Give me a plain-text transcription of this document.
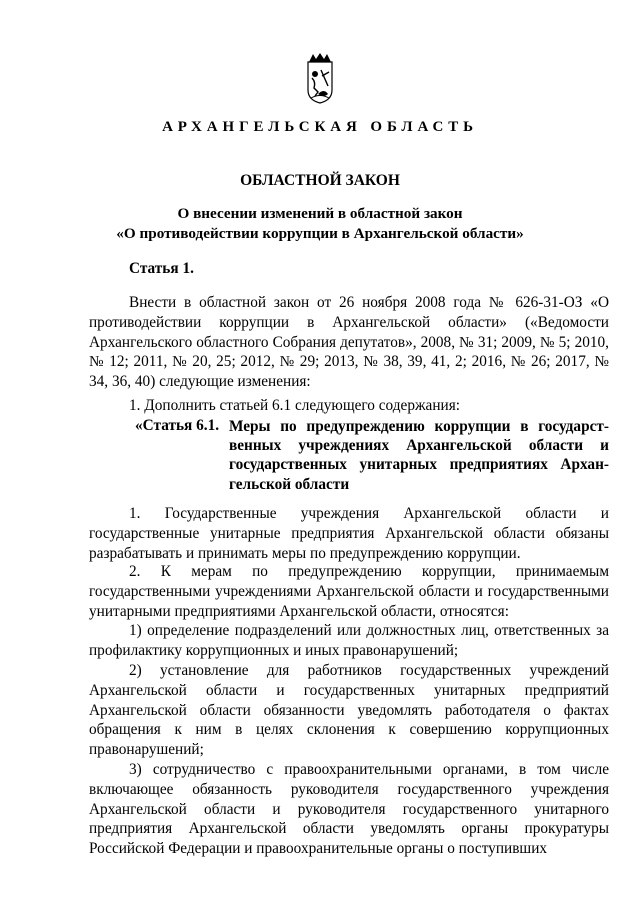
АРХАНГЕЛЬСКАЯ ОБЛАСТЬ
ОБЛАСТНОЙ ЗАКОН
О внесении изменений в областной закон
«О противодействии коррупции в Архангельской области»
Статья 1.

Внести в областной закон от 26 ноября 2008 года № 626-31-ОЗ «О противодействии коррупции в Архангельской области» («Ведомости Архангельского областного Собрания депутатов», 2008, № 31; 2009, № 5; 2010, № 12; 2011, № 20, 25; 2012, № 29; 2013, № 38, 39, 41, 2; 2016, № 26; 2017, № 34, 36, 40) следующие изменения:

1. Дополнить статьей 6.1 следующего содержания:
«Статья 6.1. Меры по предупреждению коррупции в государственных учреждениях Архангельской области и государственных унитарных предприятиях Архангельской области

1. Государственные учреждения Архангельской области и государственные унитарные предприятия Архангельской области обязаны разрабатывать и принимать меры по предупреждению коррупции.

2. К мерам по предупреждению коррупции, принимаемым государственными учреждениями Архангельской области и государственными унитарными предприятиями Архангельской области, относятся:

1) определение подразделений или должностных лиц, ответственных за профилактику коррупционных и иных правонарушений;
2) установление для работников государственных учреждений Архангельской области и государственных унитарных предприятий Архангельской области обязанности уведомлять работодателя о фактах обращения к ним в целях склонения к совершению коррупционных правонарушений;
3) сотрудничество с правоохранительными органами, в том числе включающее обязанность руководителя государственного учреждения Архангельской области и руководителя государственного унитарного предприятия Архангельской области уведомлять органы прокуратуры Российской Федерации и правоохранительные органы о поступивших
